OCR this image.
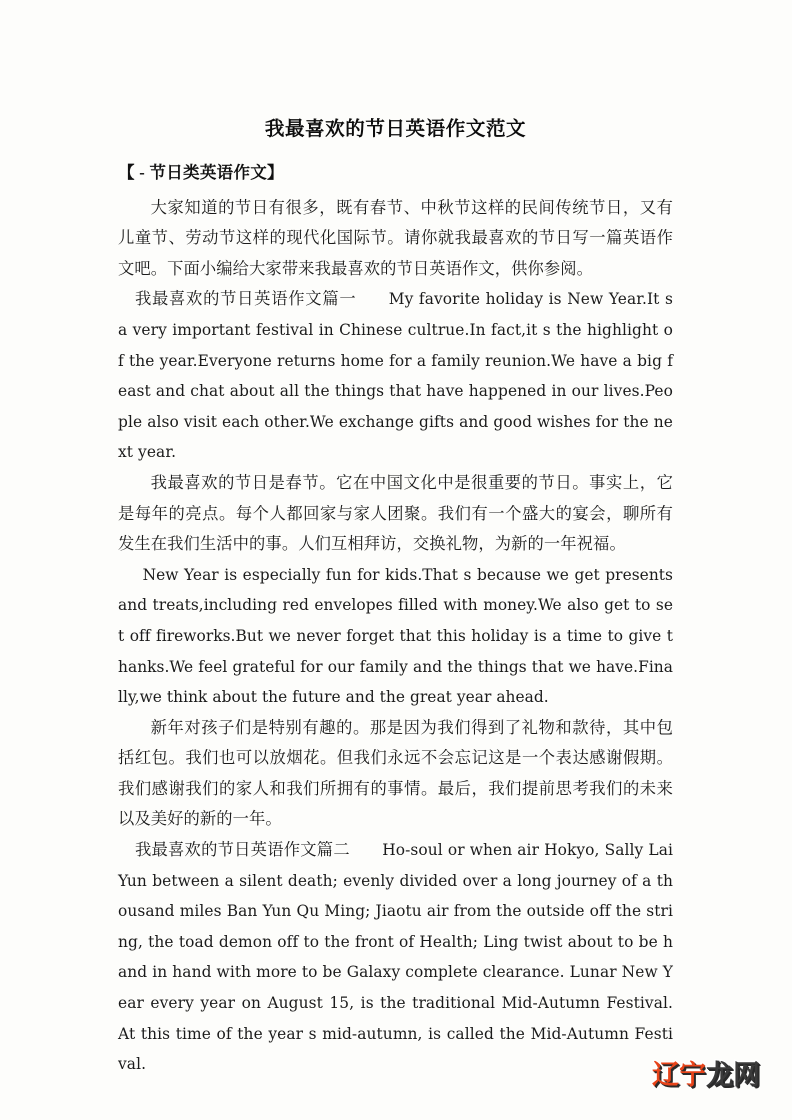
我最喜欢的节日英语作文范文
【 - 节日类英语作文】

大家知道的节日有很多，既有春节、中秋节这样的民间传统节日，又有儿童节、劳动节这样的现代化国际节。请你就我最喜欢的节日写一篇英语作文吧。下面小编给大家带来我最喜欢的节日英语作文，供你参阅。

我最喜欢的节日英语作文篇一 My favorite holiday is New Year.It s a very important festival in Chinese cultrue.In fact,it s the highlight of the year.Everyone returns home for a family reunion.We have a big feast and chat about all the things that have happened in our lives.People also visit each other.We exchange gifts and good wishes for the next year.

我最喜欢的节日是春节。它在中国文化中是很重要的节日。事实上，它是每年的亮点。每个人都回家与家人团聚。我们有一个盛大的宴会，聊所有发生在我们生活中的事。人们互相拜访，交换礼物，为新的一年祝福。

New Year is especially fun for kids.That s because we get presents and treats,including red envelopes filled with money.We also get to set off fireworks.But we never forget that this holiday is a time to give thanks.We feel grateful for our family and the things that we have.Finally,we think about the future and the great year ahead.

新年对孩子们是特别有趣的。那是因为我们得到了礼物和款待，其中包括红包。我们也可以放烟花。但我们永远不会忘记这是一个表达感谢假期。我们感谢我们的家人和我们所拥有的事情。最后，我们提前思考我们的未来以及美好的新的一年。

我最喜欢的节日英语作文篇二 Ho-soul or when air Hokyo, Sally Lai Yun between a silent death; evenly divided over a long journey of a thousand miles Ban Yun Qu Ming; Jiaotu air from the outside off the string, the toad demon off to the front of Health; Ling twist about to be hand in hand with more to be Galaxy complete clearance. Lunar New Year every year on August 15, is the traditional Mid-Autumn Festival. At this time of the year s mid-autumn, is called the Mid-Autumn Festival.	辽宁龙网
